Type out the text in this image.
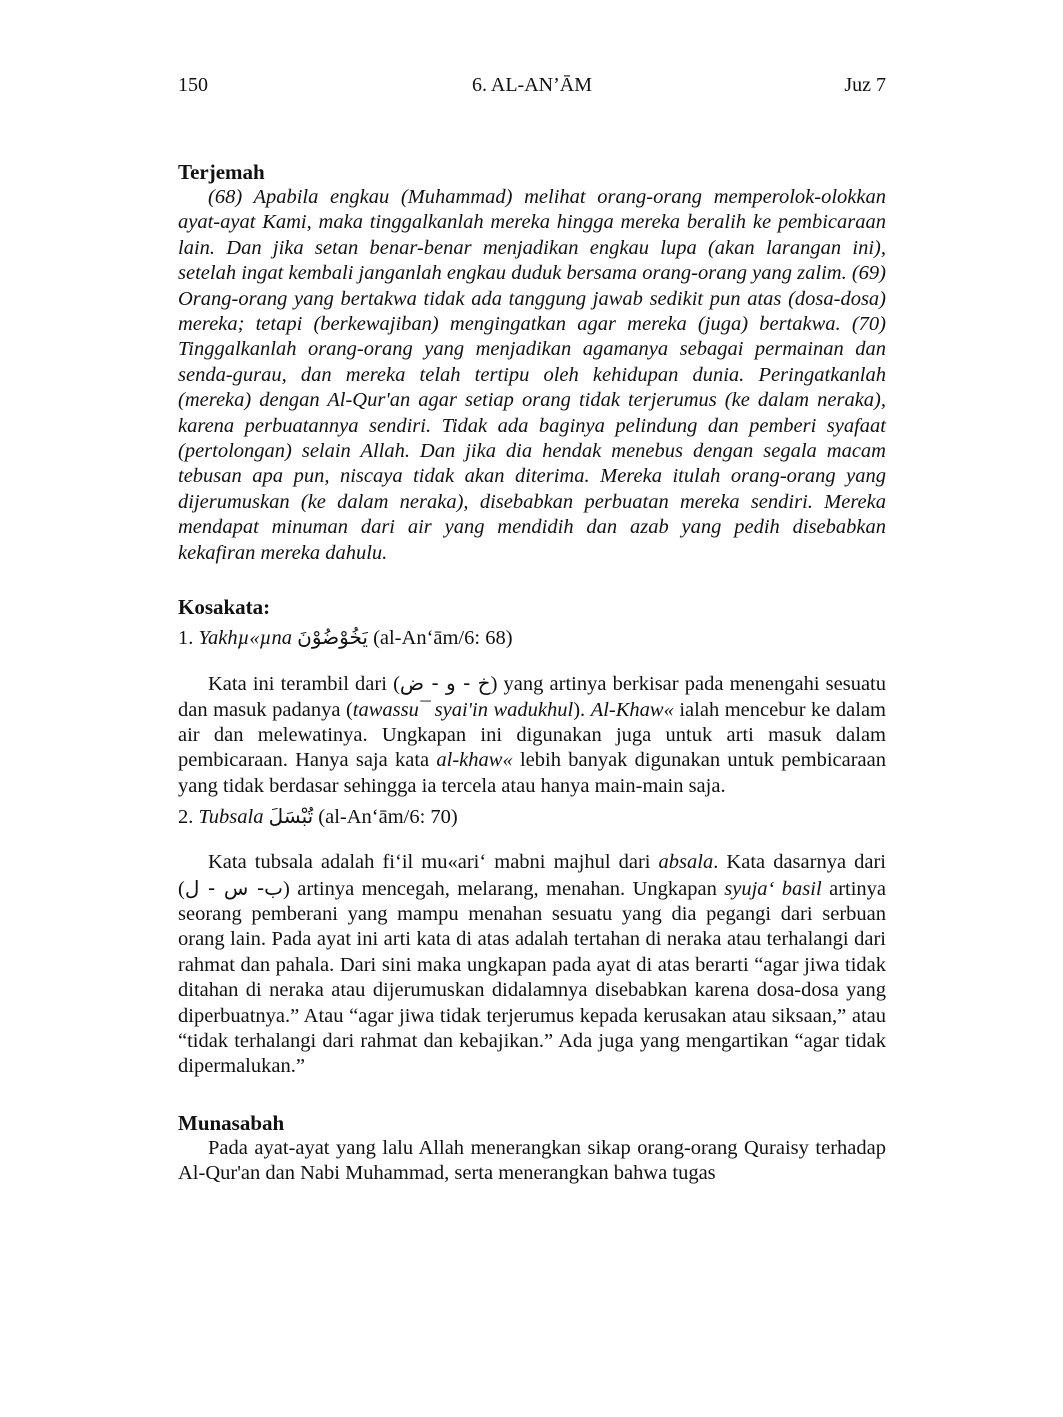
150	6. AL-AN’ĀM	Juz 7
Terjemah

(68) Apabila engkau (Muhammad) melihat orang-orang memperolok-olokkan ayat-ayat Kami, maka tinggalkanlah mereka hingga mereka beralih ke pembicaraan lain. Dan jika setan benar-benar menjadikan engkau lupa (akan larangan ini), setelah ingat kembali janganlah engkau duduk bersama orang-orang yang zalim. (69) Orang-orang yang bertakwa tidak ada tanggung jawab sedikit pun atas (dosa-dosa) mereka; tetapi (berkewajiban) mengingatkan agar mereka (juga) bertakwa. (70) Tinggalkanlah orang-orang yang menjadikan agamanya sebagai permainan dan senda-gurau, dan mereka telah tertipu oleh kehidupan dunia. Peringatkanlah (mereka) dengan Al-Qur'an agar setiap orang tidak terjerumus (ke dalam neraka), karena perbuatannya sendiri. Tidak ada baginya pelindung dan pemberi syafaat (pertolongan) selain Allah. Dan jika dia hendak menebus dengan segala macam tebusan apa pun, niscaya tidak akan diterima. Mereka itulah orang-orang yang dijerumuskan (ke dalam neraka), disebabkan perbuatan mereka sendiri. Mereka mendapat minuman dari air yang mendidih dan azab yang pedih disebabkan kekafiran mereka dahulu.

Kosakata:
1. Yakhµ«µna يَخُوْضُوْنَ (al-An‘ām/6: 68)

Kata ini terambil dari (خ - و - ض) yang artinya berkisar pada menengahi sesuatu dan masuk padanya (tawassu¯ syai'in wadukhul). Al-Khaw« ialah mencebur ke dalam air dan melewatinya. Ungkapan ini digunakan juga untuk arti masuk dalam pembicaraan. Hanya saja kata al-khaw« lebih banyak digunakan untuk pembicaraan yang tidak berdasar sehingga ia tercela atau hanya main-main saja.

2. Tubsala تُبْسَلَ (al-An‘ām/6: 70)

Kata tubsala adalah fi‘il mu«ari‘ mabni majhul dari absala. Kata dasarnya dari (ب- س - ل) artinya mencegah, melarang, menahan. Ungkapan syuja‘ basil artinya seorang pemberani yang mampu menahan sesuatu yang dia pegangi dari serbuan orang lain. Pada ayat ini arti kata di atas adalah tertahan di neraka atau terhalangi dari rahmat dan pahala. Dari sini maka ungkapan pada ayat di atas berarti “agar jiwa tidak ditahan di neraka atau dijerumuskan didalamnya disebabkan karena dosa-dosa yang diperbuatnya.” Atau “agar jiwa tidak terjerumus kepada kerusakan atau siksaan,” atau “tidak terhalangi dari rahmat dan kebajikan.” Ada juga yang mengartikan “agar tidak dipermalukan.”

Munasabah

Pada ayat-ayat yang lalu Allah menerangkan sikap orang-orang Quraisy terhadap Al-Qur'an dan Nabi Muhammad, serta menerangkan bahwa tugas
